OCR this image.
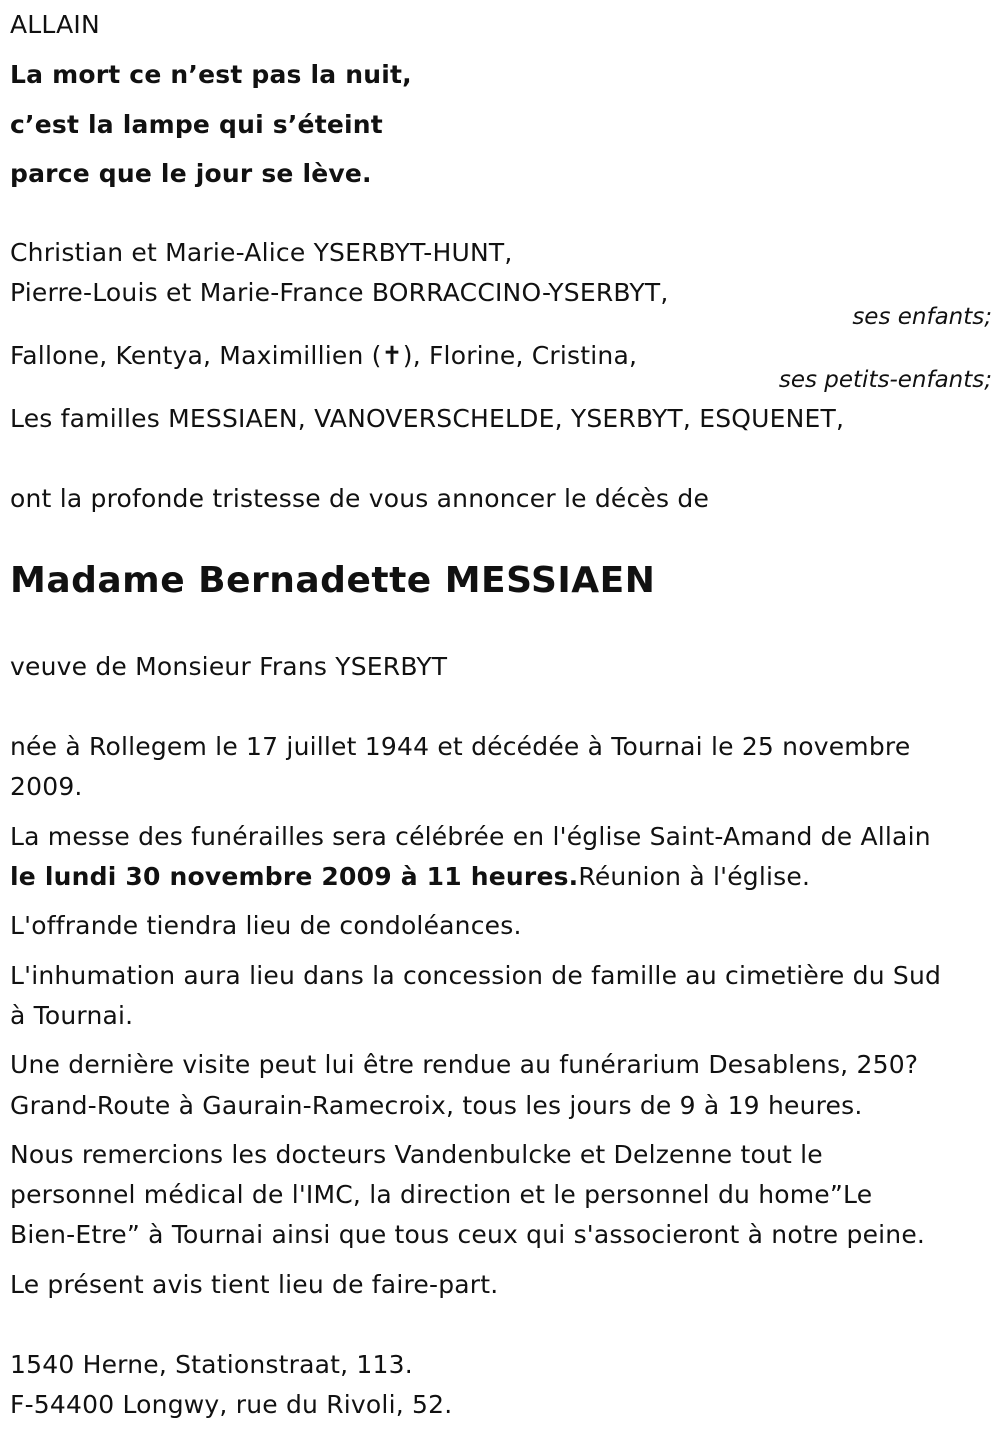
ALLAIN
La mort ce n’est pas la nuit,
c’est la lampe qui s’éteint
parce que le jour se lève.
Christian et Marie-Alice YSERBYT-HUNT,
Pierre-Louis et Marie-France BORRACCINO-YSERBYT,
ses enfants;
Fallone, Kentya, Maximillien (✝), Florine, Cristina,
ses petits-enfants;
Les familles MESSIAEN, VANOVERSCHELDE, YSERBYT, ESQUENET,
ont la profonde tristesse de vous annoncer le décès de
Madame Bernadette MESSIAEN
veuve de Monsieur Frans YSERBYT
née à Rollegem le 17 juillet 1944 et décédée à Tournai le 25 novembre
2009.
La messe des funérailles sera célébrée en l'église Saint-Amand de Allain
le lundi 30 novembre 2009 à 11 heures.Réunion à l'église.
L'offrande tiendra lieu de condoléances.
L'inhumation aura lieu dans la concession de famille au cimetière du Sud
à Tournai.
Une dernière visite peut lui être rendue au funérarium Desablens, 250?
Grand-Route à Gaurain-Ramecroix, tous les jours de 9 à 19 heures.
Nous remercions les docteurs Vandenbulcke et Delzenne tout le
personnel médical de l'IMC, la direction et le personnel du home”Le
Bien-Etre” à Tournai ainsi que tous ceux qui s'associeront à notre peine.
Le présent avis tient lieu de faire-part.
1540 Herne, Stationstraat, 113.
F-54400 Longwy, rue du Rivoli, 52.
